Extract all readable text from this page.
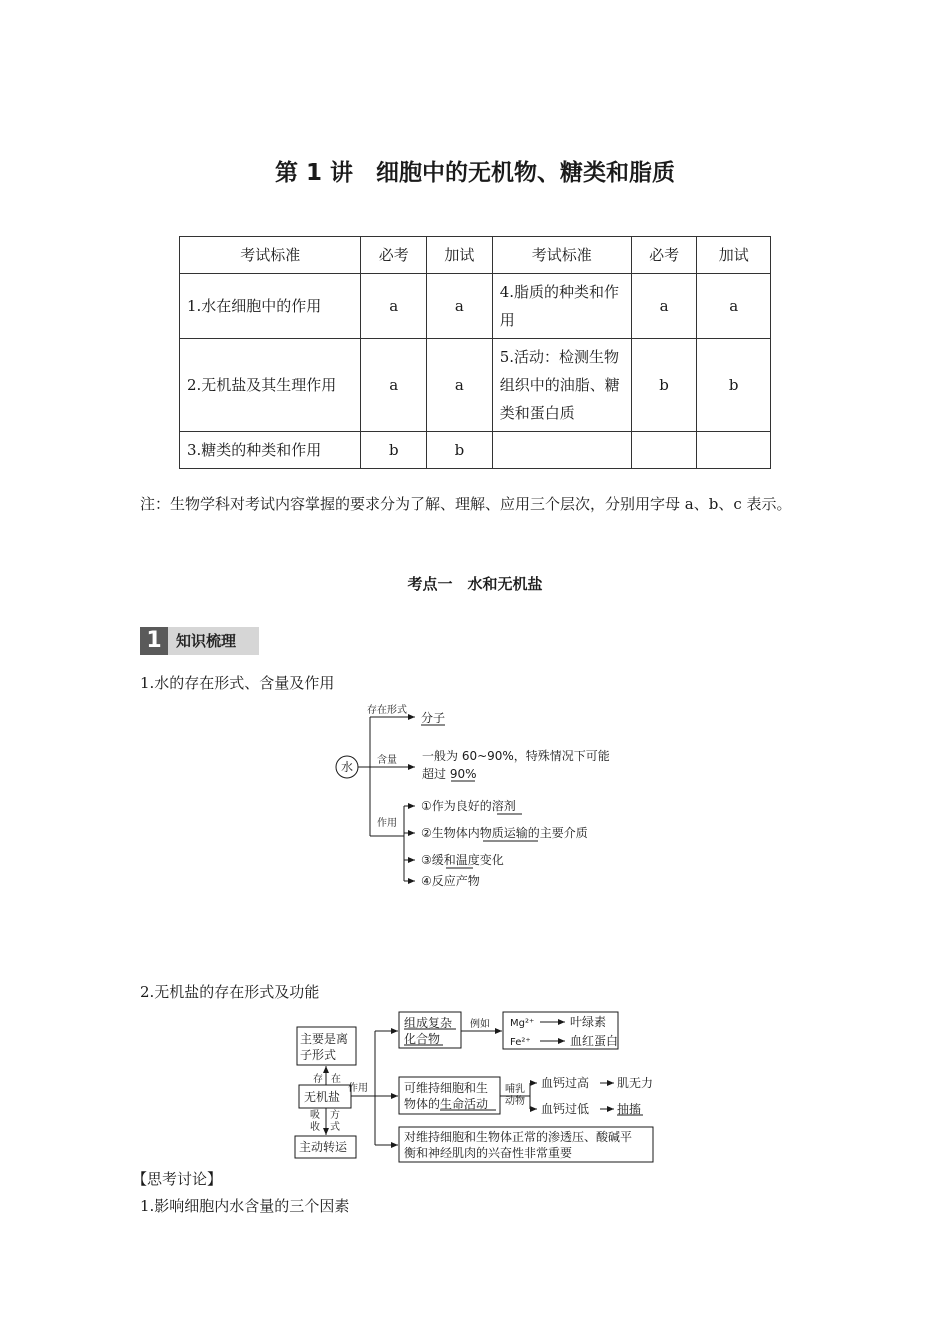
第 1 讲　细胞中的无机物、糖类和脂质
考试标准	必考	加试	考试标准	必考	加试
1.水在细胞中的作用	a	a	4.脂质的种类和作用	a	a
2.无机盐及其生理作用	a	a	5.活动：检测生物组织中的油脂、糖类和蛋白质	b	b
3.糖类的种类和作用	b	b			
注：生物学科对考试内容掌握的要求分为了解、理解、应用三个层次，分别用字母 a、b、c 表示。
考点一　水和无机盐
1 知识梳理
1.水的存在形式、含量及作用
水
存在形式
分子
含量 一般为 60~90%，特殊情况下可能
超过 90%
作用
①作为良好的溶剂
②生物体内物质运输的主要介质
③缓和温度变化
④反应产物
主要是离
子形式
无机盐
主动转运
存 在
作用
吸
收
方
式
组成复杂
化合物
例如 Mg²⁺	叶绿素
Fe²⁺	血红蛋白
可维持细胞和生
物体的生命活动
哺乳
动物
血钙过高 肌无力
血钙过低 抽搐
对维持细胞和生物体正常的渗透压、酸碱平
衡和神经肌肉的兴奋性非常重要
2.无机盐的存在形式及功能
【思考讨论】
1.影响细胞内水含量的三个因素
